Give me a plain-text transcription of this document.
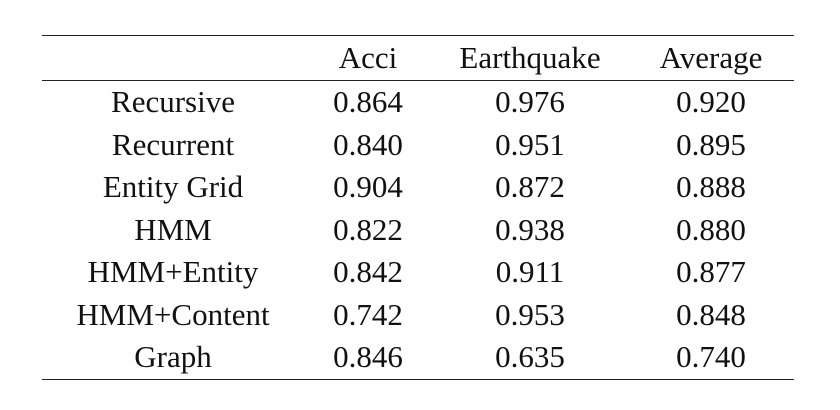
	Acci	Earthquake	Average
Recursive	0.864	0.976	0.920
Recurrent	0.840	0.951	0.895
Entity Grid	0.904	0.872	0.888
HMM	0.822	0.938	0.880
HMM+Entity	0.842	0.911	0.877
HMM+Content	0.742	0.953	0.848
Graph	0.846	0.635	0.740
